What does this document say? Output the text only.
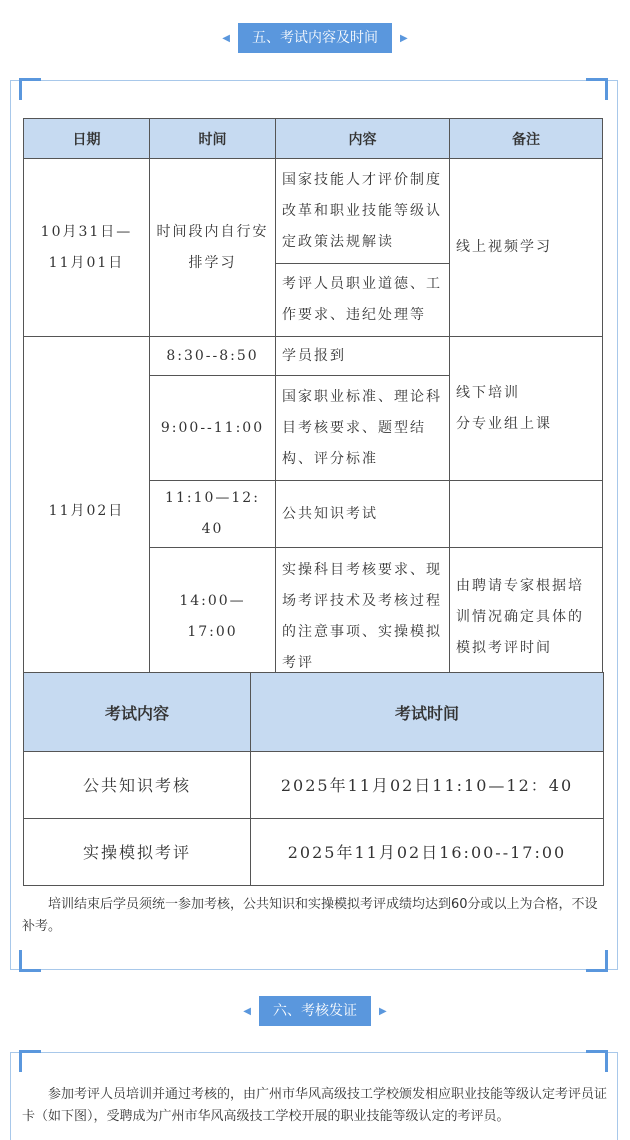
◀	五、考试内容及时间	▶
日期	时间	内容	备注
10月31日—11月01日	时间段内自行安排学习	国家技能人才评价制度改革和职业技能等级认定政策法规解读	线上视频学习
		考评人员职业道德、工作要求、违纪处理等	
11月02日	8:30--8:50	学员报到	线下培训
分专业组上课

	9:00--11:00	国家职业标准、理论科目考核要求、题型结构、评分标准	
	11:10—12: 40	公共知识考试	
	14:00—17:00	实操科目考核要求、现场考评技术及考核过程的注意事项、实操模拟考评	由聘请专家根据培训情况确定具体的模拟考评时间
考试内容	考试时间
公共知识考核	2025年11月02日11:10—12：40
实操模拟考评	2025年11月02日16:00--17:00
培训结束后学员须统一参加考核，公共知识和实操模拟考评成绩均达到60分或以上为合格，不设补考。
◀	六、考核发证	▶
参加考评人员培训并通过考核的，由广州市华风高级技工学校颁发相应职业技能等级认定考评员证卡（如下图），受聘成为广州市华风高级技工学校开展的职业技能等级认定的考评员。
